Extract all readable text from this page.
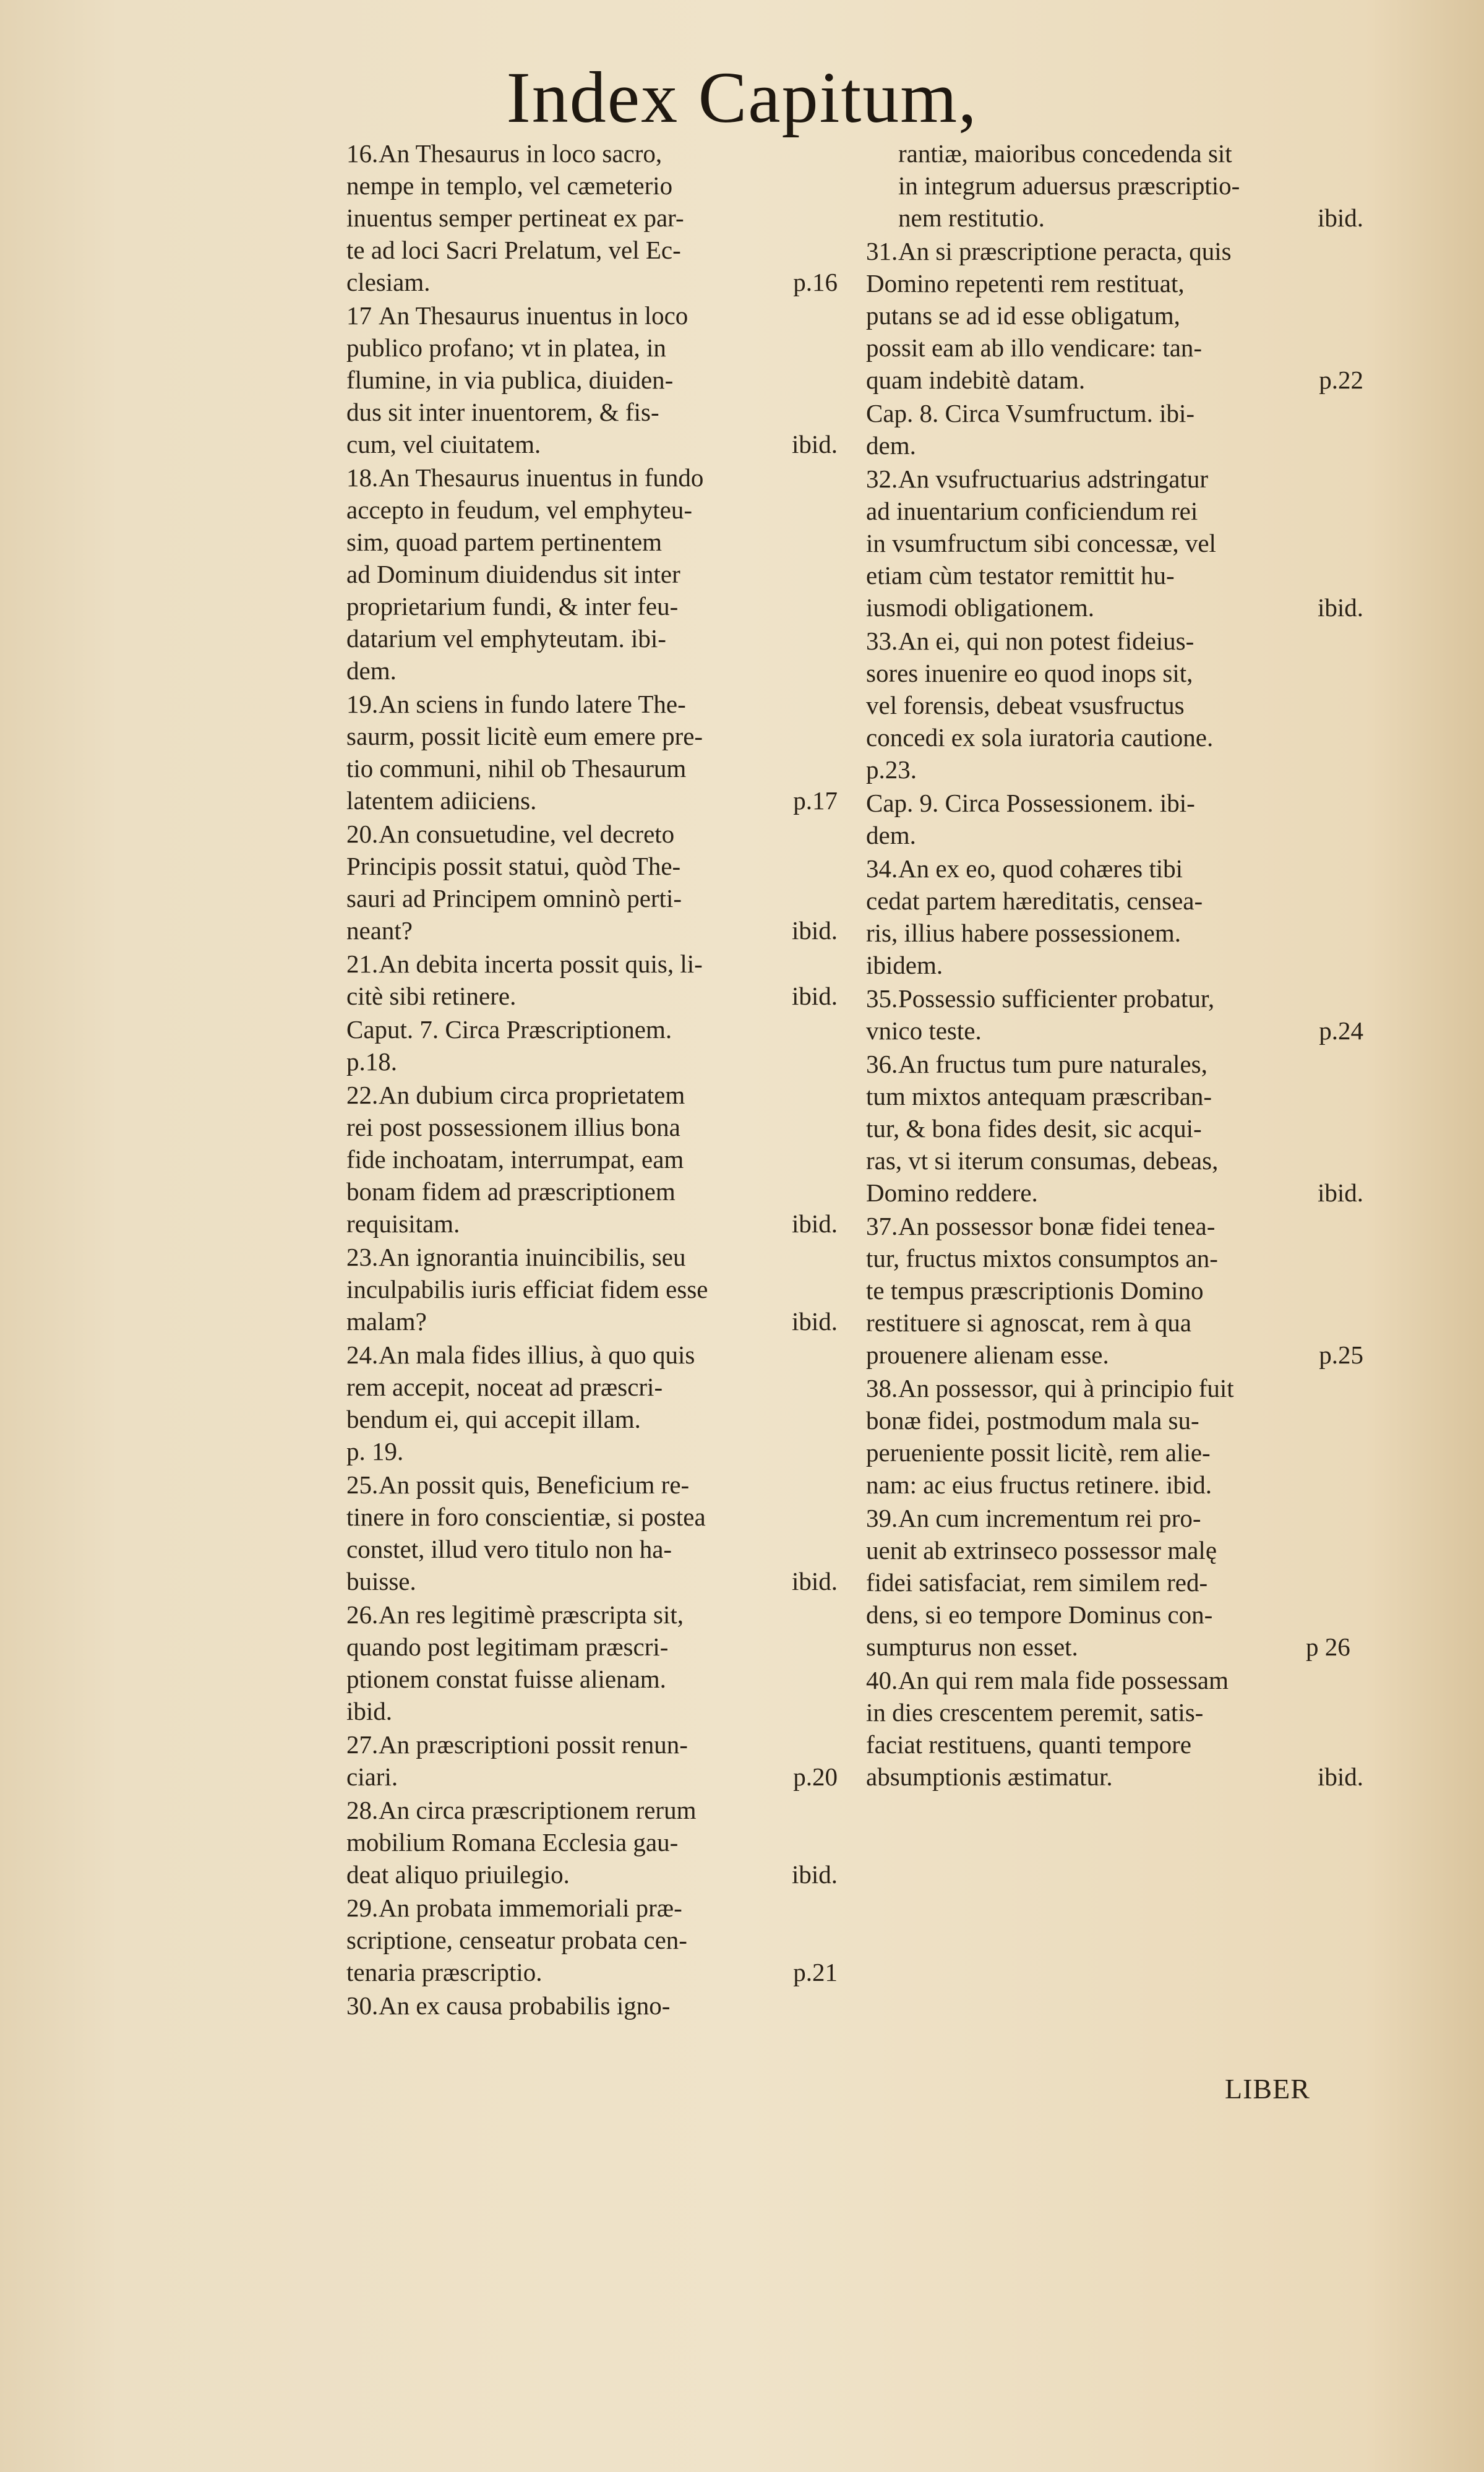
Index Capitum,
16.An Thesaurus in loco sacro,
nempe in templo, vel cæmeterio
inuentus semper pertineat ex par-
te ad loci Sacri Prelatum, vel Ec-
clesiam.	p.16
17 An Thesaurus inuentus in loco
publico profano; vt in platea, in
flumine, in via publica, diuiden-
dus sit inter inuentorem, & fis-
cum, vel ciuitatem.	ibid.
18.An Thesaurus inuentus in fundo
accepto in feudum, vel emphyteu-
sim, quoad partem pertinentem
ad Dominum diuidendus sit inter
proprietarium fundi, & inter feu-
datarium vel emphyteutam. ibi-
dem.
19.An sciens in fundo latere The-
saurm, possit licitè eum emere pre-
tio communi, nihil ob Thesaurum
latentem adiiciens.	p.17
20.An consuetudine, vel decreto
Principis possit statui, quòd The-
sauri ad Principem omninò perti-
neant?	ibid.
21.An debita incerta possit quis, li-
citè sibi retinere.	ibid.
Caput. 7. Circa Præscriptionem.
p.18.
22.An dubium circa proprietatem
rei post possessionem illius bona
fide inchoatam, interrumpat, eam
bonam fidem ad præscriptionem
requisitam.	ibid.
23.An ignorantia inuincibilis, seu
inculpabilis iuris efficiat fidem esse
malam?	ibid.
24.An mala fides illius, à quo quis
rem accepit, noceat ad præscri-
bendum ei, qui accepit illam.
p. 19.
25.An possit quis, Beneficium re-
tinere in foro conscientiæ, si postea
constet, illud vero titulo non ha-
buisse.	ibid.
26.An res legitimè præscripta sit,
quando post legitimam præscri-
ptionem constat fuisse alienam.
ibid.
27.An præscriptioni possit renun-
ciari.	p.20
28.An circa præscriptionem rerum
mobilium Romana Ecclesia gau-
deat aliquo priuilegio.	ibid.
29.An probata immemoriali præ-
scriptione, censeatur probata cen-
tenaria præscriptio.	p.21
30.An ex causa probabilis igno-
rantiæ, maioribus concedenda sit
in integrum aduersus præscriptio-
nem restitutio.	ibid.
31.An si præscriptione peracta, quis
Domino repetenti rem restituat,
putans se ad id esse obligatum,
possit eam ab illo vendicare: tan-
quam indebitè datam.	p.22
Cap. 8. Circa Vsumfructum. ibi-
dem.
32.An vsufructuarius adstringatur
ad inuentarium conficiendum rei
in vsumfructum sibi concessæ, vel
etiam cùm testator remittit hu-
iusmodi obligationem.	ibid.
33.An ei, qui non potest fideius-
sores inuenire eo quod inops sit,
vel forensis, debeat vsusfructus
concedi ex sola iuratoria cautione.
p.23.
Cap. 9. Circa Possessionem. ibi-
dem.
34.An ex eo, quod cohæres tibi
cedat partem hæreditatis, censea-
ris, illius habere possessionem.
ibidem.
35.Possessio sufficienter probatur,
vnico teste.	p.24
36.An fructus tum pure naturales,
tum mixtos antequam præscriban-
tur, & bona fides desit, sic acqui-
ras, vt si iterum consumas, debeas,
Domino reddere.	ibid.
37.An possessor bonæ fidei tenea-
tur, fructus mixtos consumptos an-
te tempus præscriptionis Domino
restituere si agnoscat, rem à qua
prouenere alienam esse.	p.25
38.An possessor, qui à principio fuit
bonæ fidei, postmodum mala su-
perueniente possit licitè, rem alie-
nam: ac eius fructus retinere. ibid.
39.An cum incrementum rei pro-
uenit ab extrinseco possessor malę
fidei satisfaciat, rem similem red-
dens, si eo tempore Dominus con-
sumpturus non esset.	p 26
40.An qui rem mala fide possessam
in dies crescentem peremit, satis-
faciat restituens, quanti tempore
absumptionis æstimatur.	ibid.
LIBER
